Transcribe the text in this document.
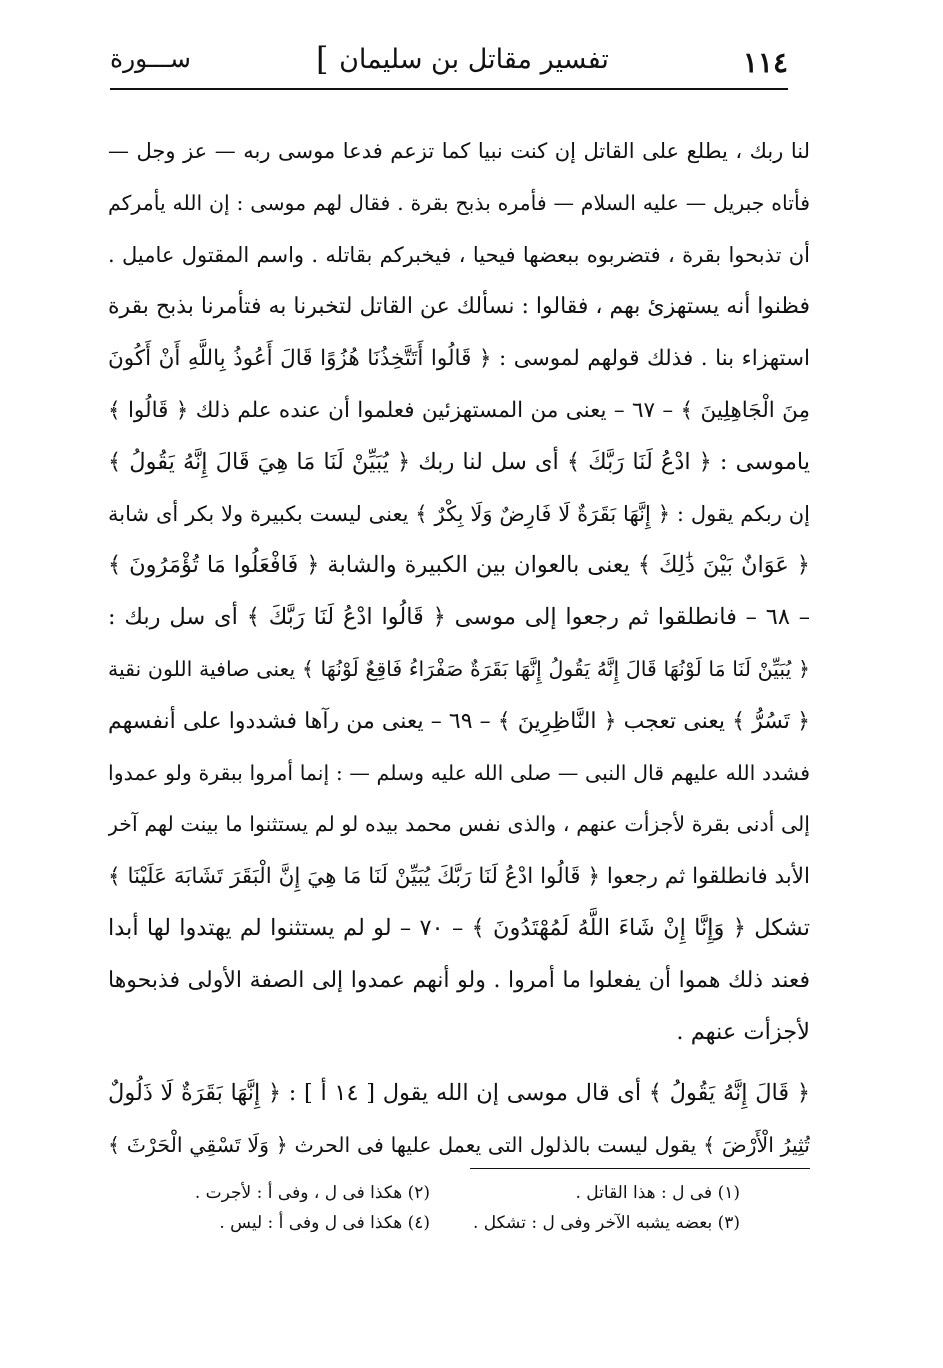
١١٤
تفسير مقاتل بن سليمان
ســـورة	[
لنا ربك ، يطلع على القاتل إن كنت نبيا كما تزعم فدعا موسى ربه — عز وجل —
فأتاه جبريل — عليه السلام — فأمره بذبح بقرة . فقال لهم موسى : إن الله يأمركم
أن تذبحوا بقرة ، فتضربوه ببعضها فيحيا ، فيخبركم بقاتله . واسم المقتول عاميل .
فظنوا أنه يستهزئ بهم ، فقالوا : نسألك عن القاتل لتخبرنا به فتأمرنا بذبح بقرة
استهزاء بنا . فذلك قولهم لموسى : ﴿ قَالُوا أَتَتَّخِذُنَا هُزُوًا قَالَ أَعُوذُ بِاللَّهِ أَنْ أَكُونَ
مِنَ الْجَاهِلِينَ ﴾ – ٦٧ – يعنى من المستهزئين فعلموا أن عنده علم ذلك ﴿ قَالُوا ﴾
ياموسى : ﴿ ادْعُ لَنَا رَبَّكَ ﴾ أى سل لنا ربك ﴿ يُبَيِّنْ لَنَا مَا هِيَ قَالَ إِنَّهُ يَقُولُ ﴾
إن ربكم يقول : ﴿ إِنَّهَا بَقَرَةٌ لَا فَارِضٌ وَلَا بِكْرٌ ﴾ يعنى ليست بكبيرة ولا بكر أى شابة
﴿ عَوَانٌ بَيْنَ ذَٰلِكَ ﴾ يعنى بالعوان بين الكبيرة والشابة ﴿ فَافْعَلُوا مَا تُؤْمَرُونَ ﴾
– ٦٨ – فانطلقوا ثم رجعوا إلى موسى ﴿ قَالُوا ادْعُ لَنَا رَبَّكَ ﴾ أى سل ربك :
﴿ يُبَيِّنْ لَنَا مَا لَوْنُهَا قَالَ إِنَّهُ يَقُولُ إِنَّهَا بَقَرَةٌ صَفْرَاءُ فَاقِعٌ لَوْنُهَا ﴾ يعنى صافية اللون نقية
﴿ تَسُرُّ ﴾ يعنى تعجب ﴿ النَّاظِرِينَ ﴾ – ٦٩ – يعنى من رآها فشددوا على أنفسهم
فشدد الله عليهم قال النبى — صلى الله عليه وسلم — : إنما أمروا ببقرة ولو عمدوا
إلى أدنى بقرة لأجزأت عنهم ، والذى نفس محمد بيده لو لم يستثنوا ما بينت لهم آخر
الأبد فانطلقوا ثم رجعوا ﴿ قَالُوا ادْعُ لَنَا رَبَّكَ يُبَيِّنْ لَنَا مَا هِيَ إِنَّ الْبَقَرَ تَشَابَهَ عَلَيْنَا ﴾
تشكل ﴿ وَإِنَّا إِنْ شَاءَ اللَّهُ لَمُهْتَدُونَ ﴾ – ٧٠ – لو لم يستثنوا لم يهتدوا لها أبدا
فعند ذلك هموا أن يفعلوا ما أمروا . ولو أنهم عمدوا إلى الصفة الأولى فذبحوها
لأجزأت عنهم .
﴿ قَالَ إِنَّهُ يَقُولُ ﴾ أى قال موسى إن الله يقول [ ١٤ أ ] : ﴿ إِنَّهَا بَقَرَةٌ لَا ذَلُولٌ
تُثِيرُ الْأَرْضَ ﴾ يقول ليست بالذلول التى يعمل عليها فى الحرث ﴿ وَلَا تَسْقِي الْحَرْثَ ﴾
(١) فى ل : هذا القاتل .
(٢) هكذا فى ل ، وفى أ : لأجرت .
(٣) بعضه يشبه الآخر وفى ل : تشكل .
(٤) هكذا فى ل وفى أ : ليس .
